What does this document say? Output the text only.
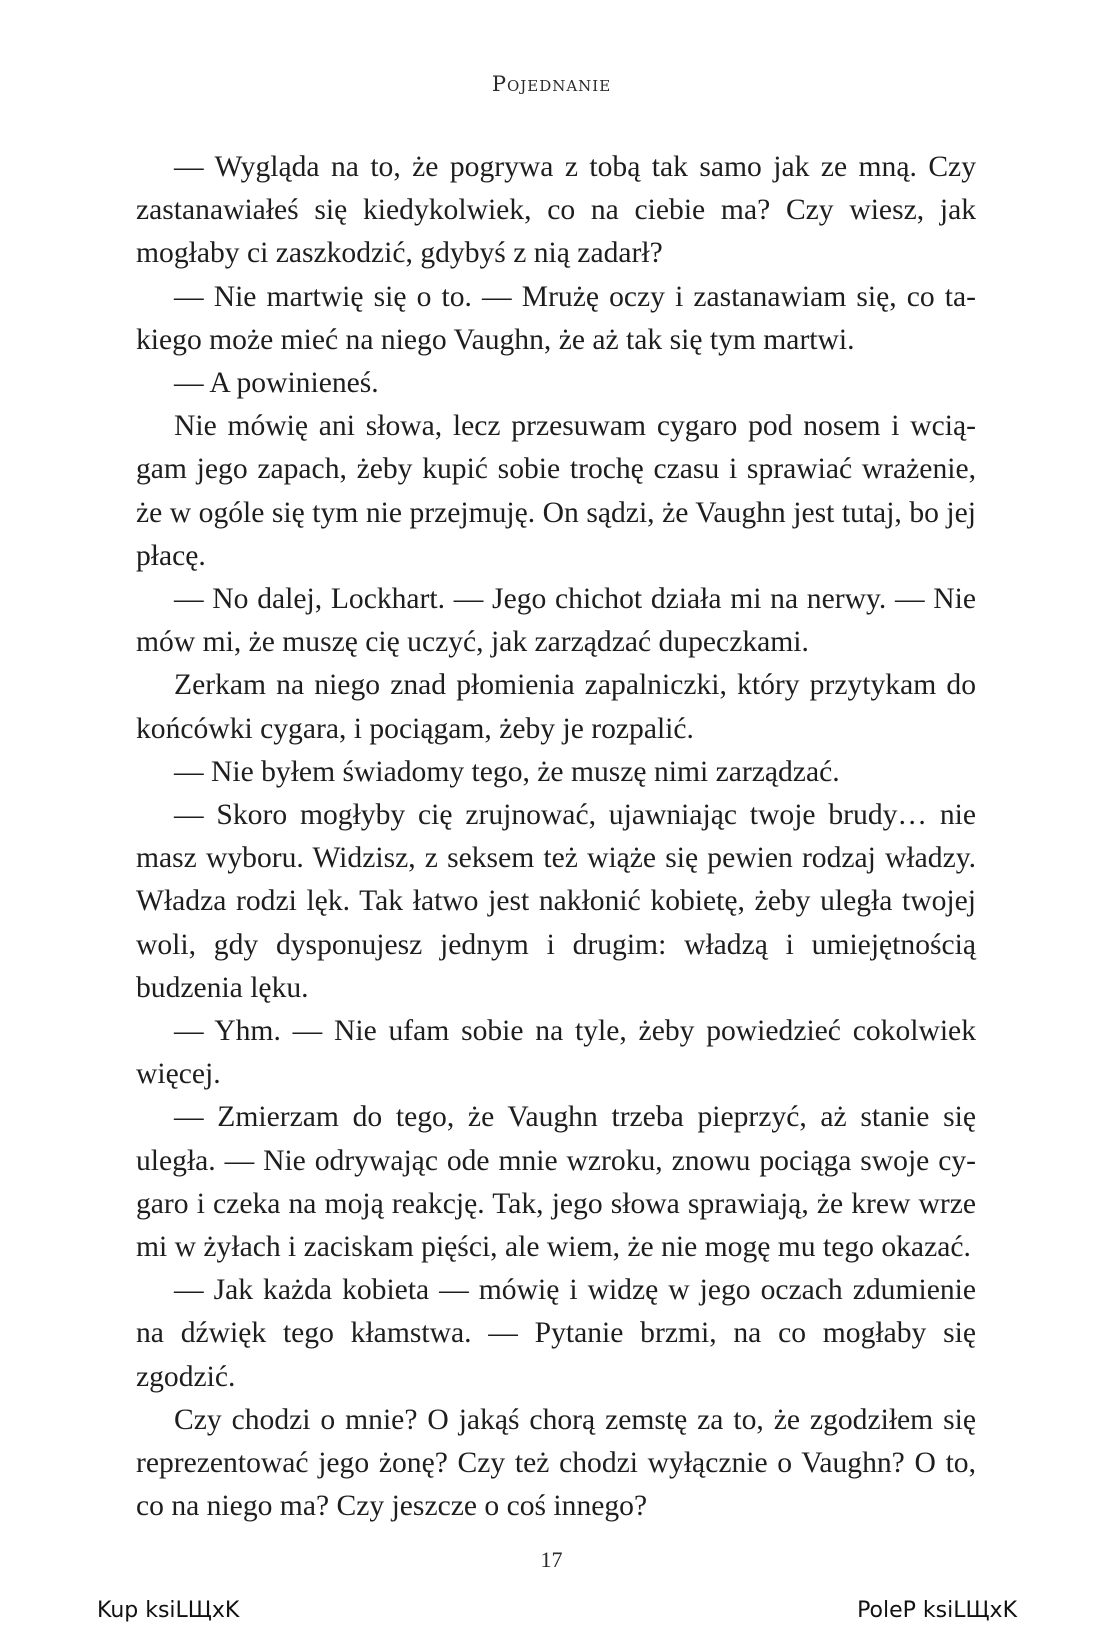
Pojednanie

— Wygląda na to, że pogrywa z tobą tak samo jak ze mną. Czy zastanawiałeś się kiedykolwiek, co na ciebie ma? Czy wiesz, jak mogłaby ci zaszkodzić, gdybyś z nią zadarł?

— Nie martwię się o to. — Mrużę oczy i zastanawiam się, co takiego może mieć na niego Vaughn, że aż tak się tym martwi.

— A powinieneś.

Nie mówię ani słowa, lecz przesuwam cygaro pod nosem i wciągam jego zapach, żeby kupić sobie trochę czasu i sprawiać wrażenie, że w ogóle się tym nie przejmuję. On sądzi, że Vaughn jest tutaj, bo jej płacę.

— No dalej, Lockhart. — Jego chichot działa mi na nerwy. — Nie mów mi, że muszę cię uczyć, jak zarządzać dupeczkami.

Zerkam na niego znad płomienia zapalniczki, który przytykam do końcówki cygara, i pociągam, żeby je rozpalić.

— Nie byłem świadomy tego, że muszę nimi zarządzać.

— Skoro mogłyby cię zrujnować, ujawniając twoje brudy… nie masz wyboru. Widzisz, z seksem też wiąże się pewien rodzaj władzy. Władza rodzi lęk. Tak łatwo jest nakłonić kobietę, żeby uległa twojej woli, gdy dysponujesz jednym i drugim: władzą i umiejętnością budzenia lęku.

— Yhm. — Nie ufam sobie na tyle, żeby powiedzieć cokolwiek więcej.

— Zmierzam do tego, że Vaughn trzeba pieprzyć, aż stanie się uległa. — Nie odrywając ode mnie wzroku, znowu pociąga swoje cygaro i czeka na moją reakcję. Tak, jego słowa sprawiają, że krew wrze mi w żyłach i zaciskam pięści, ale wiem, że nie mogę mu tego okazać.

— Jak każda kobieta — mówię i widzę w jego oczach zdumienie na dźwięk tego kłamstwa. — Pytanie brzmi, na co mogłaby się zgodzić.

Czy chodzi o mnie? O jakąś chorą zemstę za to, że zgodziłem się reprezentować jego żonę? Czy też chodzi wyłącznie o Vaughn? O to, co na niego ma? Czy jeszcze o coś innego?

17
Kup ksiLЩxK	PoleP ksiLЩxK
